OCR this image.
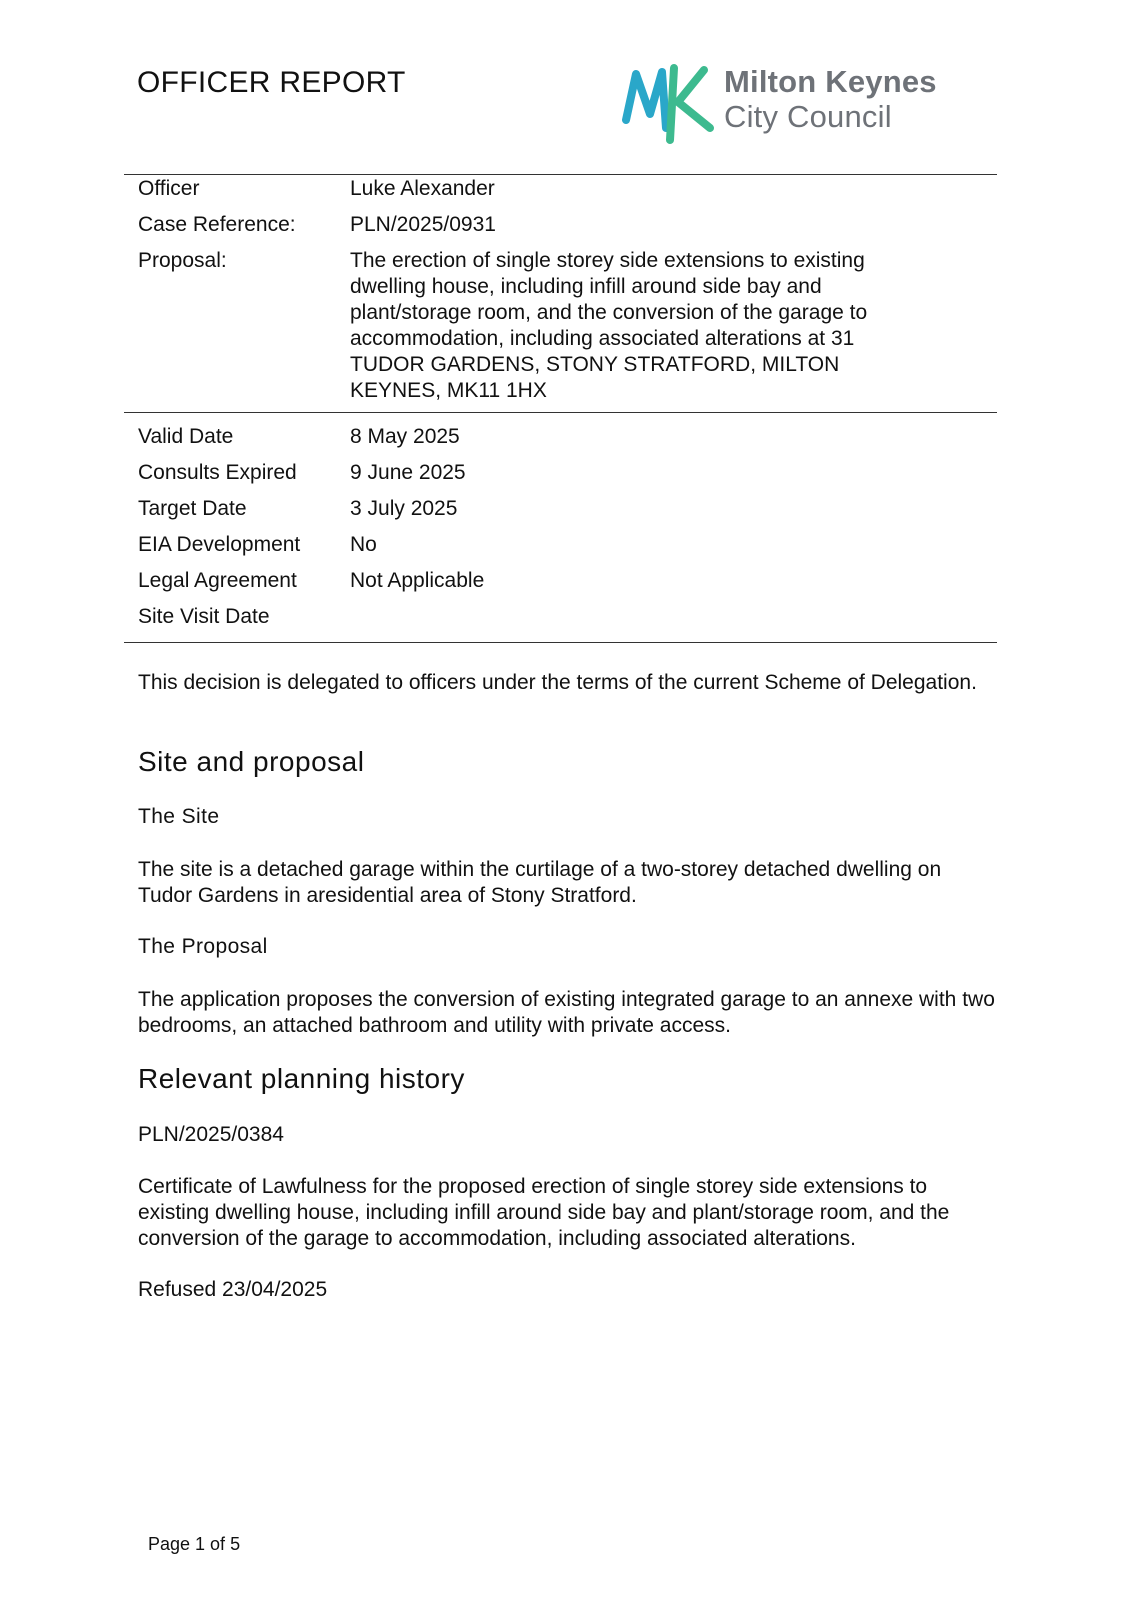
OFFICER REPORT	Milton Keynes
City Council
Officer	Luke Alexander
Case Reference:	PLN/2025/0931
Proposal:	The erection of single storey side extensions to existing dwelling house, including infill around side bay and plant/storage room, and the conversion of the garage to accommodation, including associated alterations at 31 TUDOR GARDENS, STONY STRATFORD, MILTON KEYNES, MK11 1HX
Valid Date	8 May 2025
Consults Expired	9 June 2025
Target Date	3 July 2025
EIA Development	No
Legal Agreement	Not Applicable
Site Visit Date

This decision is delegated to officers under the terms of the current Scheme of Delegation.

Site and proposal
The Site

The site is a detached garage within the curtilage of a two-storey detached dwelling on Tudor Gardens in aresidential area of Stony Stratford.

The Proposal

The application proposes the conversion of existing integrated garage to an annexe with two bedrooms, an attached bathroom and utility with private access.

Relevant planning history

PLN/2025/0384

Certificate of Lawfulness for the proposed erection of single storey side extensions to existing dwelling house, including infill around side bay and plant/storage room, and the conversion of the garage to accommodation, including associated alterations.

Refused 23/04/2025

Page 1 of 5
